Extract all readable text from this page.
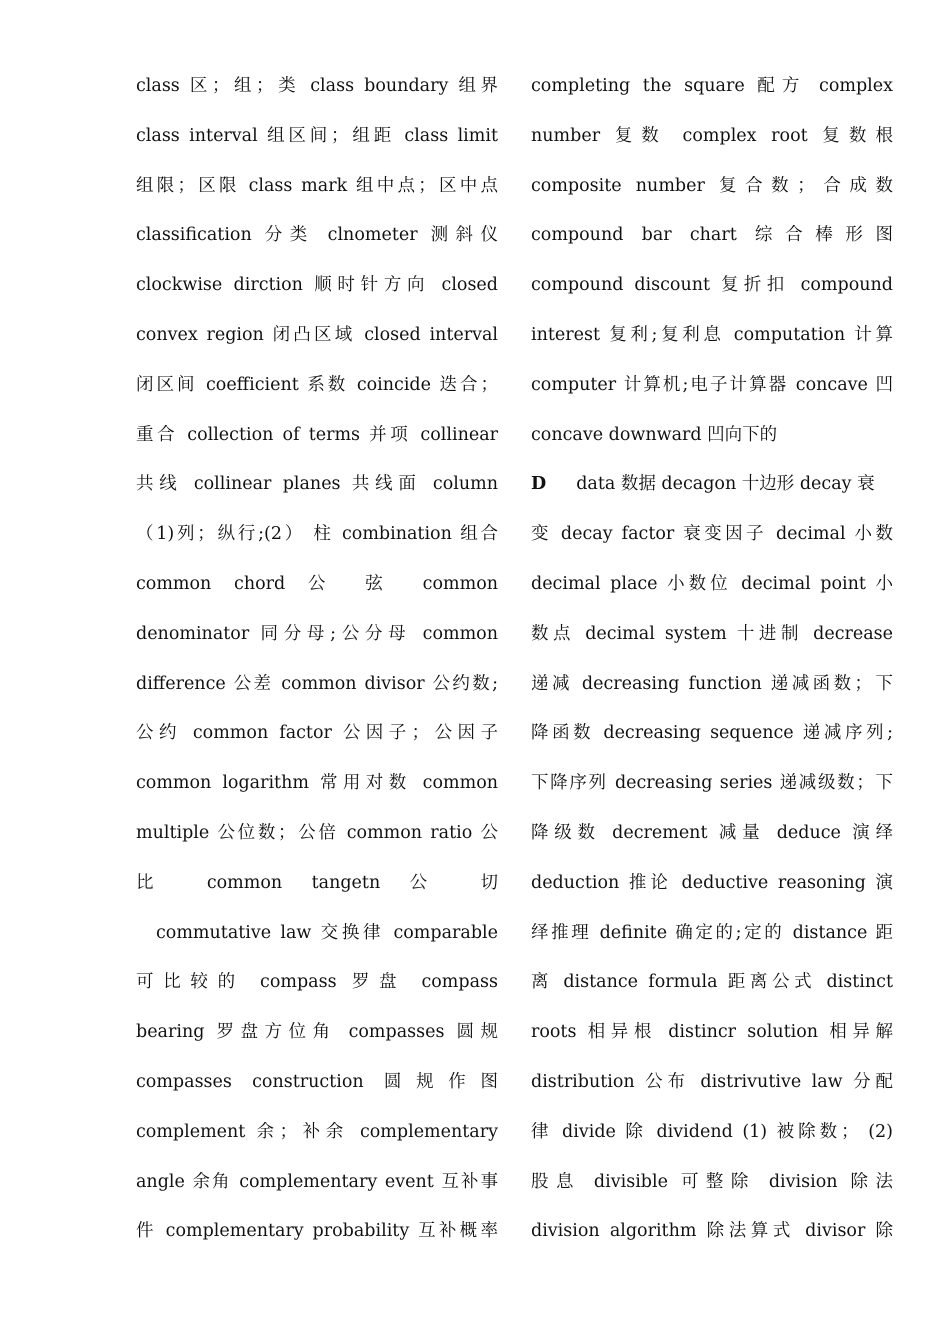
class 区；组；类 class boundary 组界
class interval 组区间；组距 class limit
组限；区限 class mark 组中点；区中点
classification 分类 clnometer 测斜仪
clockwise dirction 顺时针方向 closed
convex region 闭凸区域 closed interval
闭区间 coefficient 系数 coincide 迭合；
重合 collection of terms 并项 collinear
共线 collinear planes 共线面 column
（1)列；纵行;(2） 柱 combination 组合
common chord 公 弦 common
denominator 同分母;公分母 common
difference 公差 common divisor 公约数;
公约 common factor 公因子；公因子
common logarithm 常用对数 common
multiple 公位数；公倍 common ratio 公
比 common tangetn 公 切
commutative law 交换律 comparable
可比较的 compass 罗盘 compass
bearing 罗盘方位角 compasses 圆规
compasses construction 圆规作图
complement 余；补余 complementary
angle 余角 complementary event 互补事
件 complementary probability 互补概率
completing the square 配方 complex
number 复数 complex root 复数根
composite number 复合数；合成数
compound bar chart 综合棒形图
compound discount 复折扣 compound
interest 复利;复利息 computation 计算
computer 计算机;电子计算器 concave 凹
concave downward 凹向下的
D data 数据 decagon 十边形 decay 衰
变 decay factor 衰变因子 decimal 小数
decimal place 小数位 decimal point 小
数点 decimal system 十进制 decrease
递减 decreasing function 递减函数；下
降函数 decreasing sequence 递减序列;
下降序列 decreasing series 递减级数；下
降级数 decrement 减量 deduce 演绎
deduction 推论 deductive reasoning 演
绎推理 definite 确定的;定的 distance 距
离 distance formula 距离公式 distinct
roots 相异根 distincr solution 相异解
distribution 公布 distrivutive law 分配
律 divide 除 dividend (1) 被除数； (2)
股息 divisible 可整除 division 除法
division algorithm 除法算式 divisor 除
